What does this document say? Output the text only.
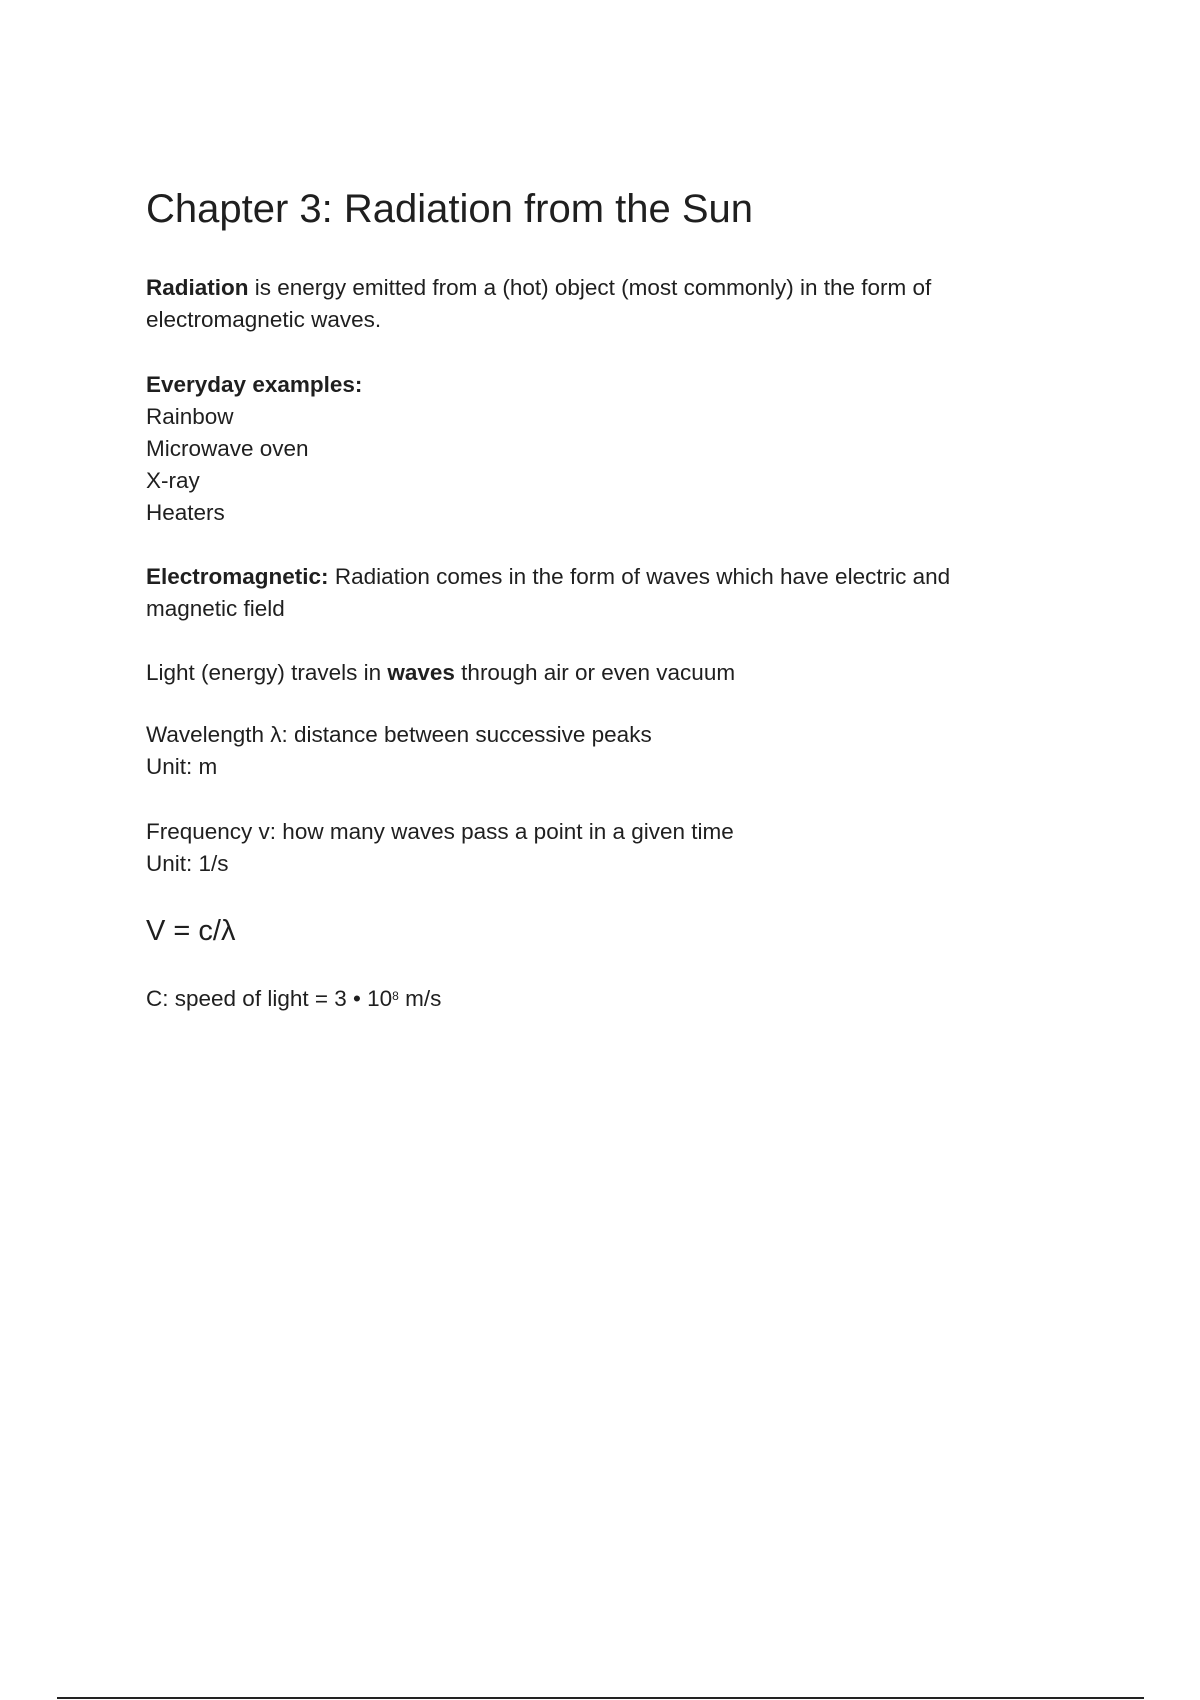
Chapter 3: Radiation from the Sun
Radiation is energy emitted from a (hot) object (most commonly) in the form of
electromagnetic waves.
Everyday examples:
Rainbow
Microwave oven
X-ray
Heaters
Electromagnetic: Radiation comes in the form of waves which have electric and
magnetic field
Light (energy) travels in waves through air or even vacuum
Wavelength λ: distance between successive peaks
Unit: m
Frequency v: how many waves pass a point in a given time
Unit: 1/s
V = c/λ
C: speed of light = 3 • $10^8$ m/s
